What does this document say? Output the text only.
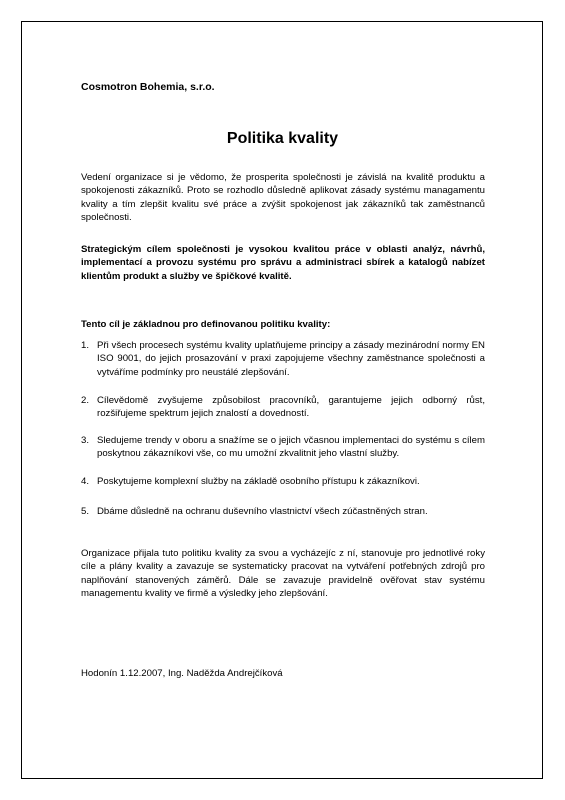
Cosmotron Bohemia, s.r.o.
Politika kvality

Vedení organizace si je vědomo, že prosperita společnosti je závislá na kvalitě produktu a spokojenosti zákazníků. Proto se rozhodlo důsledně aplikovat zásady systému managamentu kvality a tím zlepšit kvalitu své práce a zvýšit spokojenost jak zákazníků tak zaměstnanců společnosti.

Strategickým cílem společnosti je vysokou kvalitou práce v oblasti analýz, návrhů, implementací a provozu systému pro správu a administraci sbírek a katalogů nabízet klientům produkt a služby ve špičkové kvalitě.

Tento cíl je základnou pro definovanou politiku kvality:

1. Při všech procesech systému kvality uplatňujeme principy a zásady mezinárodní normy EN ISO 9001, do jejich prosazování v praxi zapojujeme všechny zaměstnance společnosti a vytváříme podmínky pro neustálé zlepšování.
2. Cílevědomě zvyšujeme způsobilost pracovníků, garantujeme jejich odborný růst, rozšiřujeme spektrum jejich znalostí a dovedností.
3. Sledujeme trendy v oboru a snažíme se o jejich včasnou implementaci do systému s cílem poskytnou zákazníkovi vše, co mu umožní zkvalitnit jeho vlastní služby.
4. Poskytujeme komplexní služby na základě osobního přístupu k zákazníkovi.
5. Dbáme důsledně na ochranu duševního vlastnictví všech zúčastněných stran.

Organizace přijala tuto politiku kvality za svou a vycházejíc z ní, stanovuje pro jednotlivé roky cíle a plány kvality a zavazuje se systematicky pracovat na vytváření potřebných zdrojů pro naplňování stanovených záměrů. Dále se zavazuje pravidelně ověřovat stav systému managementu kvality ve firmě a výsledky jeho zlepšování.

Hodonín 1.12.2007, Ing. Naděžda Andrejčíková
